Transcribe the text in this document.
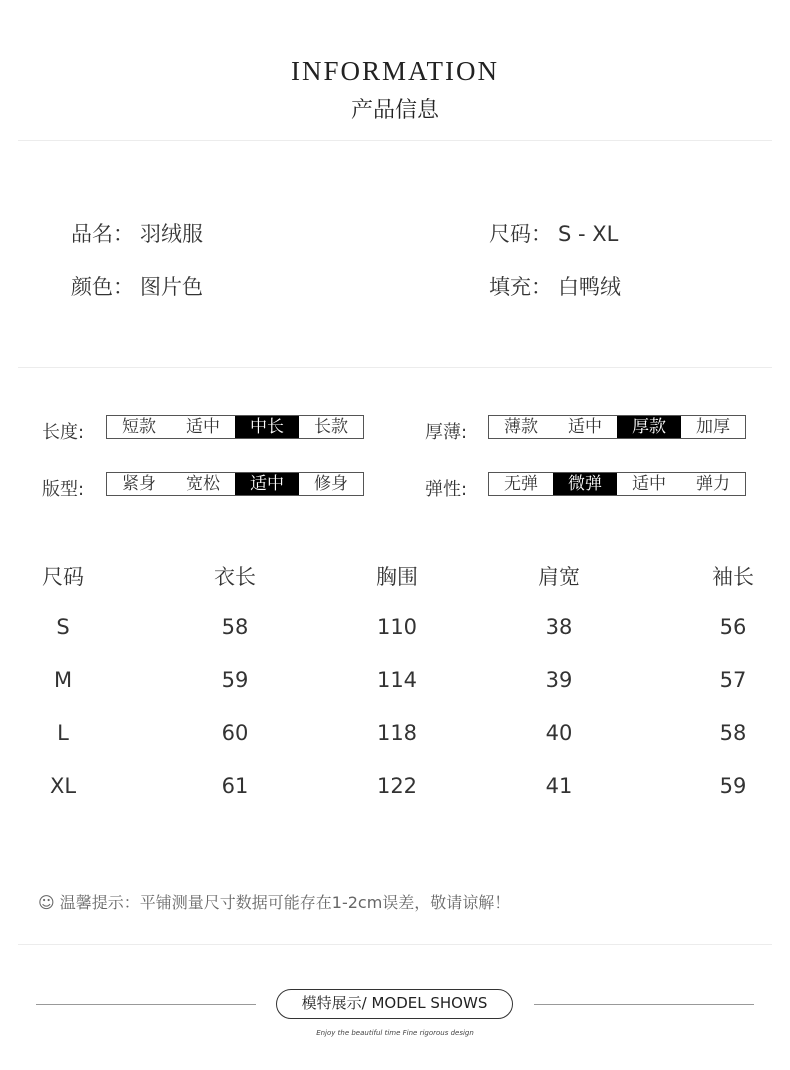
INFORMATION
产品信息
品名： 羽绒服	尺码： S - XL
颜色： 图片色	填充： 白鸭绒
长度:	短款	适中	中长	长款	厚薄:	薄款	适中	厚款	加厚
版型:	紧身	宽松	适中	修身	弹性:	无弹	微弹	适中	弹力
尺码	衣长	胸围	肩宽	袖长
S	58	110	38	56
M	59	114	39	57
L	60	118	40	58
XL	61	122	41	59
☺ 温馨提示：平铺测量尺寸数据可能存在1-2cm误差，敬请谅解！
模特展示/ MODEL SHOWS
Enjoy the beautiful time Fine rigorous design
